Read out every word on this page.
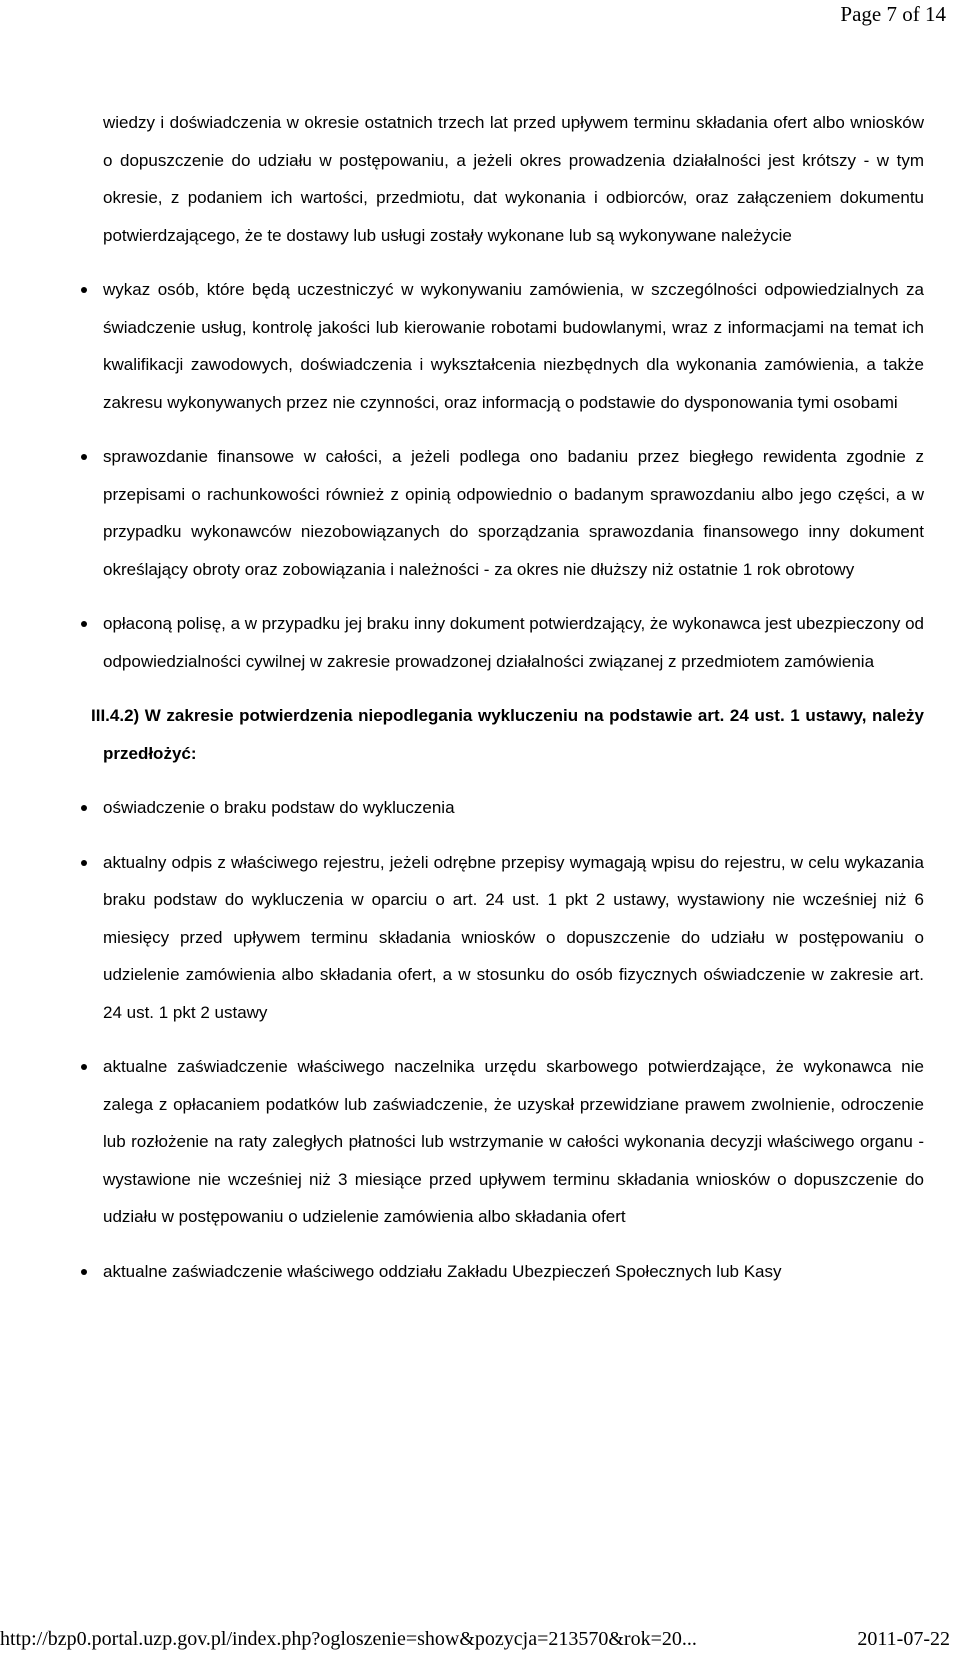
Page 7 of 14

wiedzy i doświadczenia w okresie ostatnich trzech lat przed upływem terminu składania ofert albo wniosków o dopuszczenie do udziału w postępowaniu, a jeżeli okres prowadzenia działalności jest krótszy - w tym okresie, z podaniem ich wartości, przedmiotu, dat wykonania i odbiorców, oraz załączeniem dokumentu potwierdzającego, że te dostawy lub usługi zostały wykonane lub są wykonywane należycie

wykaz osób, które będą uczestniczyć w wykonywaniu zamówienia, w szczególności odpowiedzialnych za świadczenie usług, kontrolę jakości lub kierowanie robotami budowlanymi, wraz z informacjami na temat ich kwalifikacji zawodowych, doświadczenia i wykształcenia niezbędnych dla wykonania zamówienia, a także zakresu wykonywanych przez nie czynności, oraz informacją o podstawie do dysponowania tymi osobami
sprawozdanie finansowe w całości, a jeżeli podlega ono badaniu przez biegłego rewidenta zgodnie z przepisami o rachunkowości również z opinią odpowiednio o badanym sprawozdaniu albo jego części, a w przypadku wykonawców niezobowiązanych do sporządzania sprawozdania finansowego inny dokument określający obroty oraz zobowiązania i należności - za okres nie dłuższy niż ostatnie 1 rok obrotowy
opłaconą polisę, a w przypadku jej braku inny dokument potwierdzający, że wykonawca jest ubezpieczony od odpowiedzialności cywilnej w zakresie prowadzonej działalności związanej z przedmiotem zamówienia
III.4.2) W zakresie potwierdzenia niepodlegania wykluczeniu na podstawie art. 24 ust. 1 ustawy, należy przedłożyć:
oświadczenie o braku podstaw do wykluczenia
aktualny odpis z właściwego rejestru, jeżeli odrębne przepisy wymagają wpisu do rejestru, w celu wykazania braku podstaw do wykluczenia w oparciu o art. 24 ust. 1 pkt 2 ustawy, wystawiony nie wcześniej niż 6 miesięcy przed upływem terminu składania wniosków o dopuszczenie do udziału w postępowaniu o udzielenie zamówienia albo składania ofert, a w stosunku do osób fizycznych oświadczenie w zakresie art. 24 ust. 1 pkt 2 ustawy
aktualne zaświadczenie właściwego naczelnika urzędu skarbowego potwierdzające, że wykonawca nie zalega z opłacaniem podatków lub zaświadczenie, że uzyskał przewidziane prawem zwolnienie, odroczenie lub rozłożenie na raty zaległych płatności lub wstrzymanie w całości wykonania decyzji właściwego organu - wystawione nie wcześniej niż 3 miesiące przed upływem terminu składania wniosków o dopuszczenie do udziału w postępowaniu o udzielenie zamówienia albo składania ofert
aktualne zaświadczenie właściwego oddziału Zakładu Ubezpieczeń Społecznych lub Kasy
http://bzp0.portal.uzp.gov.pl/index.php?ogloszenie=show&pozycja=213570&rok=20...	2011-07-22
